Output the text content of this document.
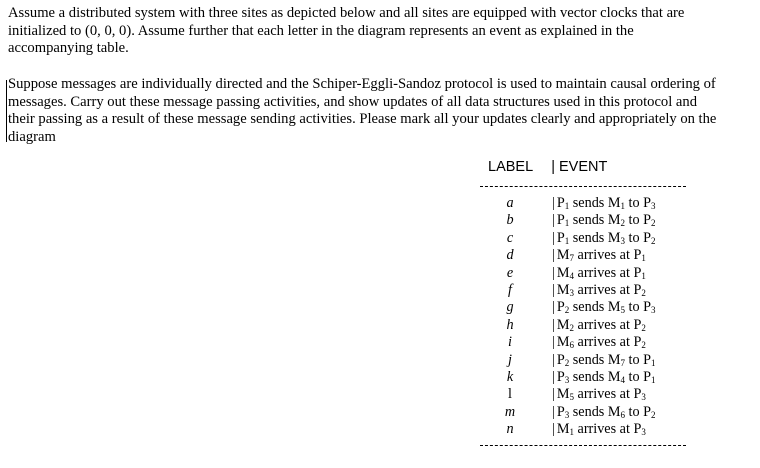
Assume a distributed system with three sites as depicted below and all sites are equipped with vector clocks that are
initialized to (0, 0, 0). Assume further that each letter in the diagram represents an event as explained in the
accompanying table.
Suppose messages are individually directed and the Schiper-Eggli-Sandoz protocol is used to maintain causal ordering of
messages. Carry out these message passing activities, and show updates of all data structures used in this protocol and
their passing as a result of these message sending activities. Please mark all your updates clearly and appropriately on the
diagram
LABEL | EVENT
a	| $P_1$ sends $M_1$ to $P_3$
b	| $P_1$ sends $M_2$ to $P_2$
c	| $P_1$ sends $M_3$ to $P_2$
d	| $M_7$ arrives at $P_1$
e	| $M_4$ arrives at $P_1$
f	| $M_3$ arrives at $P_2$
g	| $P_2$ sends $M_5$ to $P_3$
h	| $M_2$ arrives at $P_2$
i	| $M_6$ arrives at $P_2$
j	| $P_2$ sends $M_7$ to $P_1$
k	| $P_3$ sends $M_4$ to $P_1$
l	| $M_5$ arrives at $P_3$
m	| $P_3$ sends $M_6$ to $P_2$
n	| $M_1$ arrives at $P_3$
